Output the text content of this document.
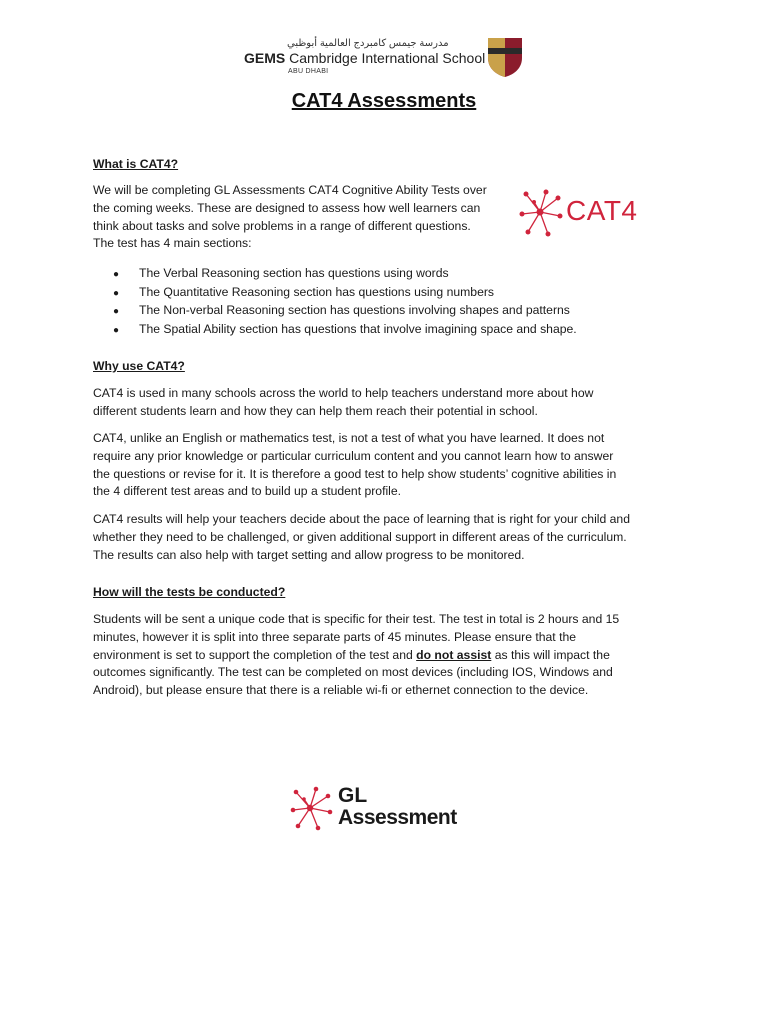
مدرسة جيمس كامبردج العالمية أبوظبي
GEMS Cambridge International School
ABU DHABI
CAT4 Assessments
What is CAT4?
We will be completing GL Assessments CAT4 Cognitive Ability Tests over
the coming weeks. These are designed to assess how well learners can
think about tasks and solve problems in a range of different questions.
The test has 4 main sections:
CAT4
● The Verbal Reasoning section has questions using words
● The Quantitative Reasoning section has questions using numbers
● The Non-verbal Reasoning section has questions involving shapes and patterns
● The Spatial Ability section has questions that involve imagining space and shape.
Why use CAT4?
CAT4 is used in many schools across the world to help teachers understand more about how
different students learn and how they can help them reach their potential in school.
CAT4, unlike an English or mathematics test, is not a test of what you have learned. It does not
require any prior knowledge or particular curriculum content and you cannot learn how to answer
the questions or revise for it. It is therefore a good test to help show students’ cognitive abilities in
the 4 different test areas and to build up a student profile.
CAT4 results will help your teachers decide about the pace of learning that is right for your child and
whether they need to be challenged, or given additional support in different areas of the curriculum.
The results can also help with target setting and allow progress to be monitored.
How will the tests be conducted?
Students will be sent a unique code that is specific for their test. The test in total is 2 hours and 15
minutes, however it is split into three separate parts of 45 minutes. Please ensure that the
environment is set to support the completion of the test and do not assist as this will impact the
outcomes significantly. The test can be completed on most devices (including IOS, Windows and
Android), but please ensure that there is a reliable wi-fi or ethernet connection to the device.
GL
Assessment
